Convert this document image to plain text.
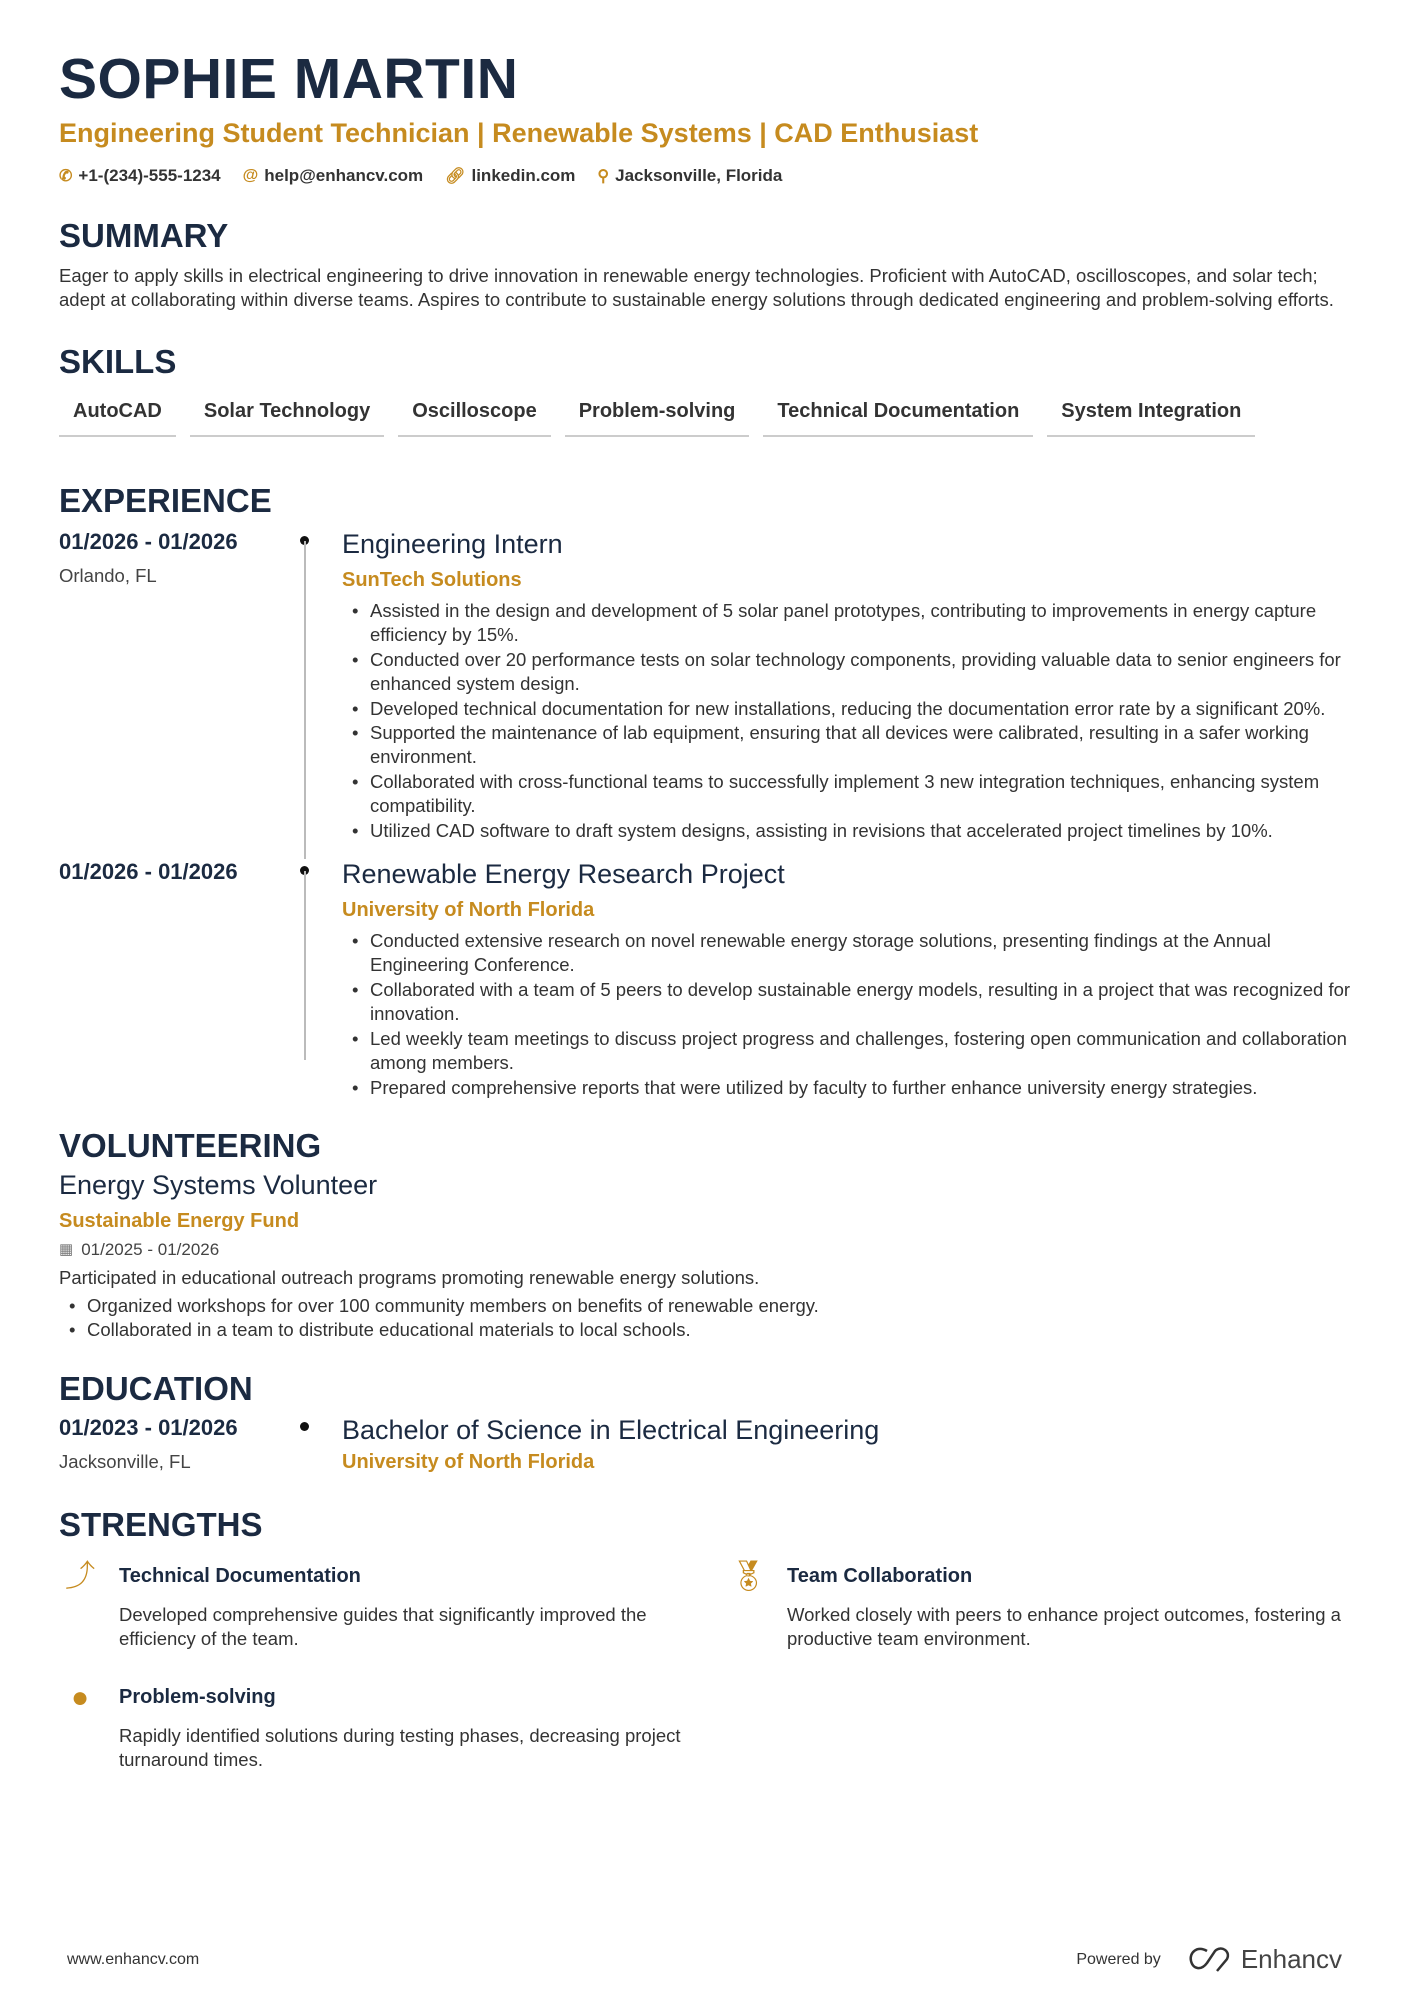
SOPHIE MARTIN
Engineering Student Technician | Renewable Systems | CAD Enthusiast
✆ +1-(234)-555-1234 @ help@enhancv.com 🔗︎ linkedin.com ⚲ Jacksonville, Florida
SUMMARY

Eager to apply skills in electrical engineering to drive innovation in renewable energy technologies. Proficient with AutoCAD, oscilloscopes, and solar tech; adept at collaborating within diverse teams. Aspires to contribute to sustainable energy solutions through dedicated engineering and problem-solving efforts.

SKILLS
AutoCAD	Solar Technology	Oscilloscope	Problem-solving	Technical Documentation	System Integration
EXPERIENCE
01/2026 - 01/2026
Orlando, FL
Engineering Intern
SunTech Solutions
• Assisted in the design and development of 5 solar panel prototypes, contributing to improvements in energy capture efficiency by 15%.
• Conducted over 20 performance tests on solar technology components, providing valuable data to senior engineers for enhanced system design.
• Developed technical documentation for new installations, reducing the documentation error rate by a significant 20%.
• Supported the maintenance of lab equipment, ensuring that all devices were calibrated, resulting in a safer working environment.
• Collaborated with cross-functional teams to successfully implement 3 new integration techniques, enhancing system compatibility.
• Utilized CAD software to draft system designs, assisting in revisions that accelerated project timelines by 10%.
01/2026 - 01/2026	Renewable Energy Research Project
University of North Florida
• Conducted extensive research on novel renewable energy storage solutions, presenting findings at the Annual Engineering Conference.
• Collaborated with a team of 5 peers to develop sustainable energy models, resulting in a project that was recognized for innovation.
• Led weekly team meetings to discuss project progress and challenges, fostering open communication and collaboration among members.
• Prepared comprehensive reports that were utilized by faculty to further enhance university energy strategies.
VOLUNTEERING
Energy Systems Volunteer
Sustainable Energy Fund
▦ 01/2025 - 01/2026

Participated in educational outreach programs promoting renewable energy solutions.

• Organized workshops for over 100 community members on benefits of renewable energy.
• Collaborated in a team to distribute educational materials to local schools.
EDUCATION
01/2023 - 01/2026
Jacksonville, FL
Bachelor of Science in Electrical Engineering
University of North Florida
STRENGTHS
⤴	Technical Documentation
Developed comprehensive guides that significantly improved the efficiency of the team.
🏅︎ Team Collaboration
Worked closely with peers to enhance project outcomes, fostering a productive team environment.
●	Problem-solving
Rapidly identified solutions during testing phases, decreasing project turnaround times.
www.enhancv.com	Powered by	Enhancv
